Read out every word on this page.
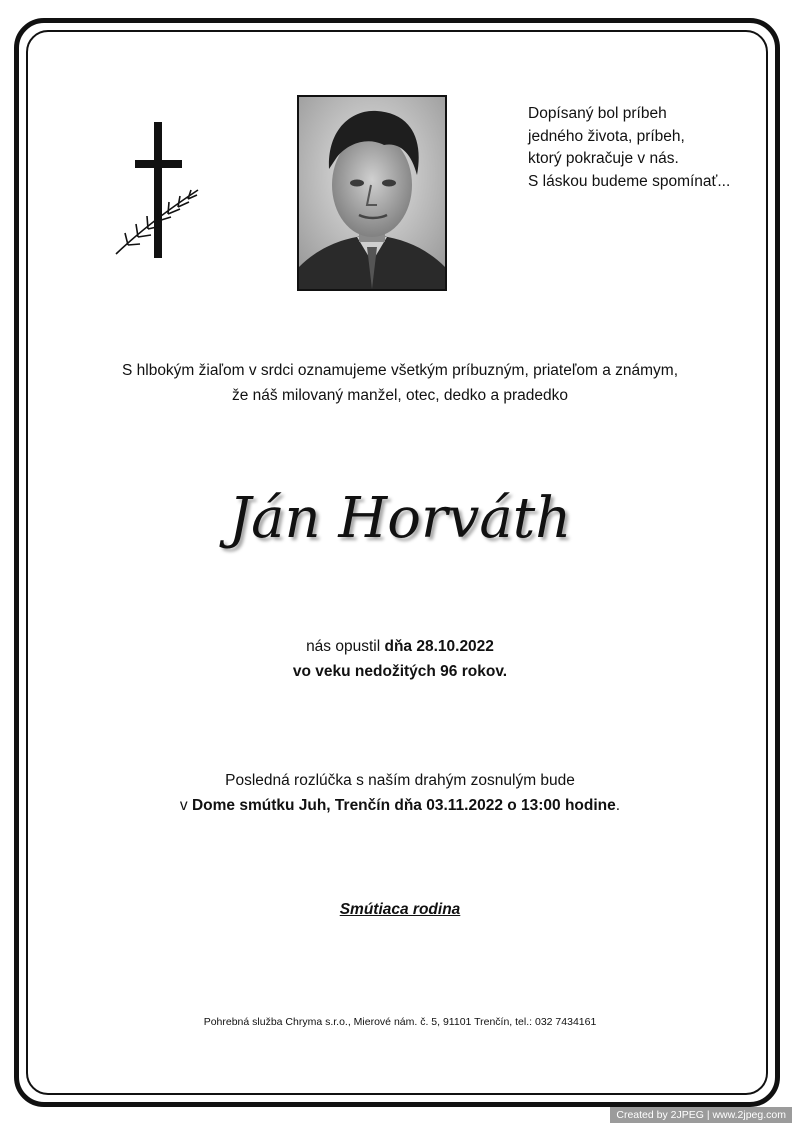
Dopísaný bol príbeh
jedného života, príbeh,
ktorý pokračuje v nás.
S láskou budeme spomínať...
S hlbokým žiaľom v srdci oznamujeme všetkým príbuzným, priateľom a známym,
že náš milovaný manžel, otec, dedko a pradedko
Ján Horváth
nás opustil dňa 28.10.2022
vo veku nedožitých 96 rokov.
Posledná rozlúčka s naším drahým zosnulým bude
v Dome smútku Juh, Trenčín dňa 03.11.2022 o 13:00 hodine.
Smútiaca rodina
Pohrebná služba Chryma s.r.o., Mierové nám. č. 5, 91101 Trenčín, tel.: 032 7434161
Created by 2JPEG | www.2jpeg.com
